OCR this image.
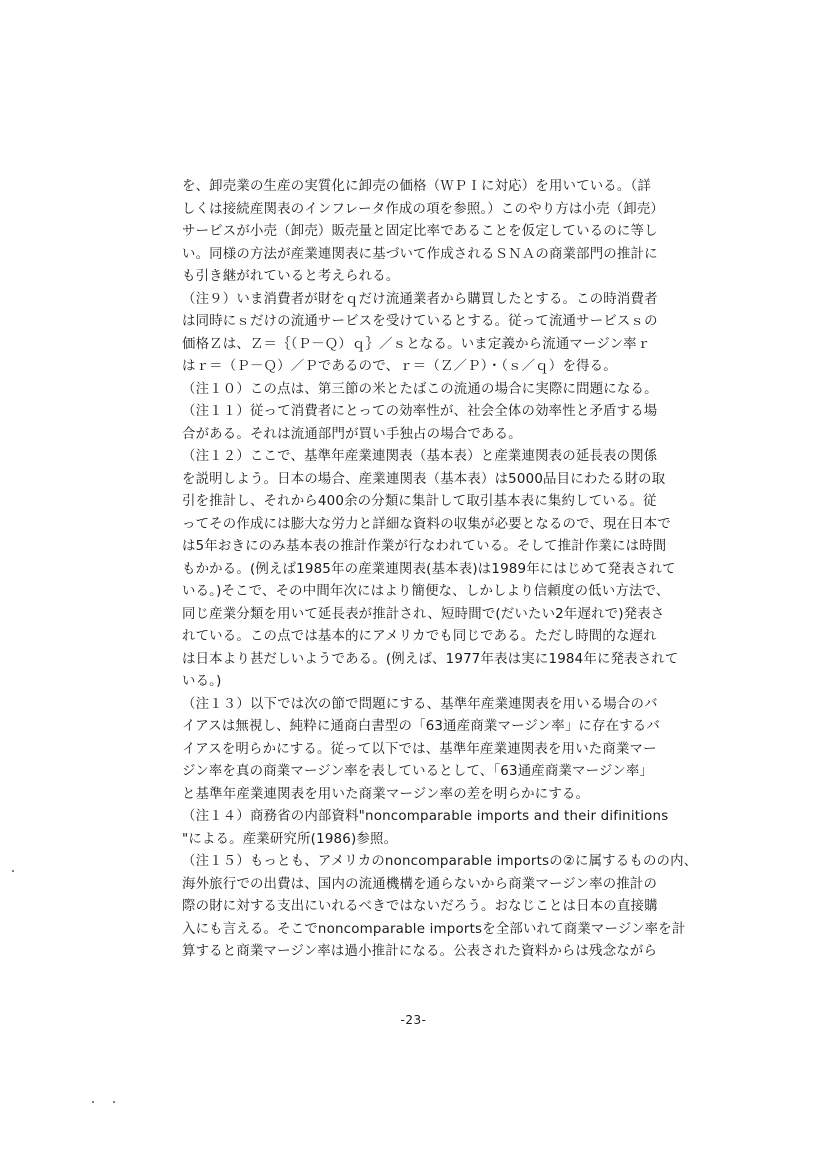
を、卸売業の生産の実質化に卸売の価格（ＷＰＩに対応）を用いている。（詳
しくは接続産関表のインフレータ作成の項を参照。）このやり方は小売（卸売）
サービスが小売（卸売）販売量と固定比率であることを仮定しているのに等し
い。同様の方法が産業連関表に基づいて作成されるＳＮＡの商業部門の推計に
も引き継がれていると考えられる。
（注９）いま消費者が財をｑだけ流通業者から購買したとする。この時消費者
は同時にｓだけの流通サービスを受けているとする。従って流通サービスｓの
価格Ｚは、Ｚ＝｛（Ｐ－Ｑ）ｑ｝／ｓとなる。いま定義から流通マージン率ｒ
はｒ＝（Ｐ－Ｑ）／Ｐであるので、ｒ＝（Ｚ／Ｐ）・（ｓ／ｑ）を得る。
（注１０）この点は、第三節の米とたばこの流通の場合に実際に問題になる。
（注１１）従って消費者にとっての効率性が、社会全体の効率性と矛盾する場
合がある。それは流通部門が買い手独占の場合である。
（注１２）ここで、基準年産業連関表（基本表）と産業連関表の延長表の関係
を説明しよう。日本の場合、産業連関表（基本表）は5000品目にわたる財の取
引を推計し、それから400余の分類に集計して取引基本表に集約している。従
ってその作成には膨大な労力と詳細な資料の収集が必要となるので、現在日本で
は5年おきにのみ基本表の推計作業が行なわれている。そして推計作業には時間
もかかる。(例えば1985年の産業連関表(基本表)は1989年にはじめて発表されて
いる。)そこで、その中間年次にはより簡便な、しかしより信頼度の低い方法で、
同じ産業分類を用いて延長表が推計され、短時間で(だいたい2年遅れで)発表さ
れている。この点では基本的にアメリカでも同じである。ただし時間的な遅れ
は日本より甚だしいようである。(例えば、1977年表は実に1984年に発表されて
いる。)
（注１３）以下では次の節で問題にする、基準年産業連関表を用いる場合のバ
イアスは無視し、純粋に通商白書型の「63通産商業マージン率」に存在するバ
イアスを明らかにする。従って以下では、基準年産業連関表を用いた商業マー
ジン率を真の商業マージン率を表しているとして、「63通産商業マージン率」
と基準年産業連関表を用いた商業マージン率の差を明らかにする。
（注１４）商務省の内部資料"noncomparable imports and their difinitions
"による。産業研究所(1986)参照。
（注１５）もっとも、アメリカのnoncomparable importsの②に属するものの内、
海外旅行での出費は、国内の流通機構を通らないから商業マージン率の推計の
際の財に対する支出にいれるべきではないだろう。おなじことは日本の直接購
入にも言える。そこでnoncomparable importsを全部いれて商業マージン率を計
算すると商業マージン率は過小推計になる。公表された資料からは残念ながら
-23-
